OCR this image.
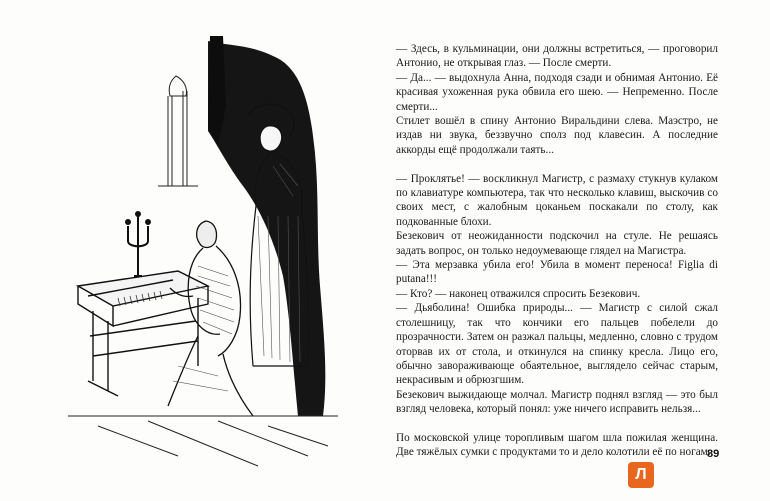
— Здесь, в кульминации, они должны встретиться, — проговорил Антонио, не открывая глаз. — После смерти.

— Да... — выдохнула Анна, подходя сзади и обнимая Антонио. Её красивая ухоженная рука обвила его шею. — Непременно. После смерти...

Стилет вошёл в спину Антонио Виральдини слева. Маэстро, не издав ни звука, беззвучно сполз под клавесин. А последние аккорды ещё продолжали таять...

— Проклятье! — воскликнул Магистр, с размаху стукнув кулаком по клавиатуре компьютера, так что несколько клавиш, выскочив со своих мест, с жалобным цоканьем поскакали по столу, как подкованные блохи.

Безекович от неожиданности подскочил на стуле. Не решаясь задать вопрос, он только недоумевающе глядел на Магистра.

— Эта мерзавка убила его! Убила в момент переноса! Figlia di putana!!!

— Кто? — наконец отважился спросить Безекович.

— Дьяболина! Ошибка природы... — Магистр с силой сжал столешницу, так что кончики его пальцев побелели до прозрачности. Затем он разжал пальцы, медленно, словно с трудом оторвав их от стола, и откинулся на спинку кресла. Лицо его, обычно завораживающе обаятельное, выглядело сейчас старым, некрасивым и обрюзгшим.

Безекович выжидающе молчал. Магистр поднял взгляд — это был взгляд человека, который понял: уже ничего исправить нельзя...

По московской улице торопливым шагом шла пожилая женщина. Две тяжёлых сумки с продуктами то и дело колотили её по ногам.

89
Л
